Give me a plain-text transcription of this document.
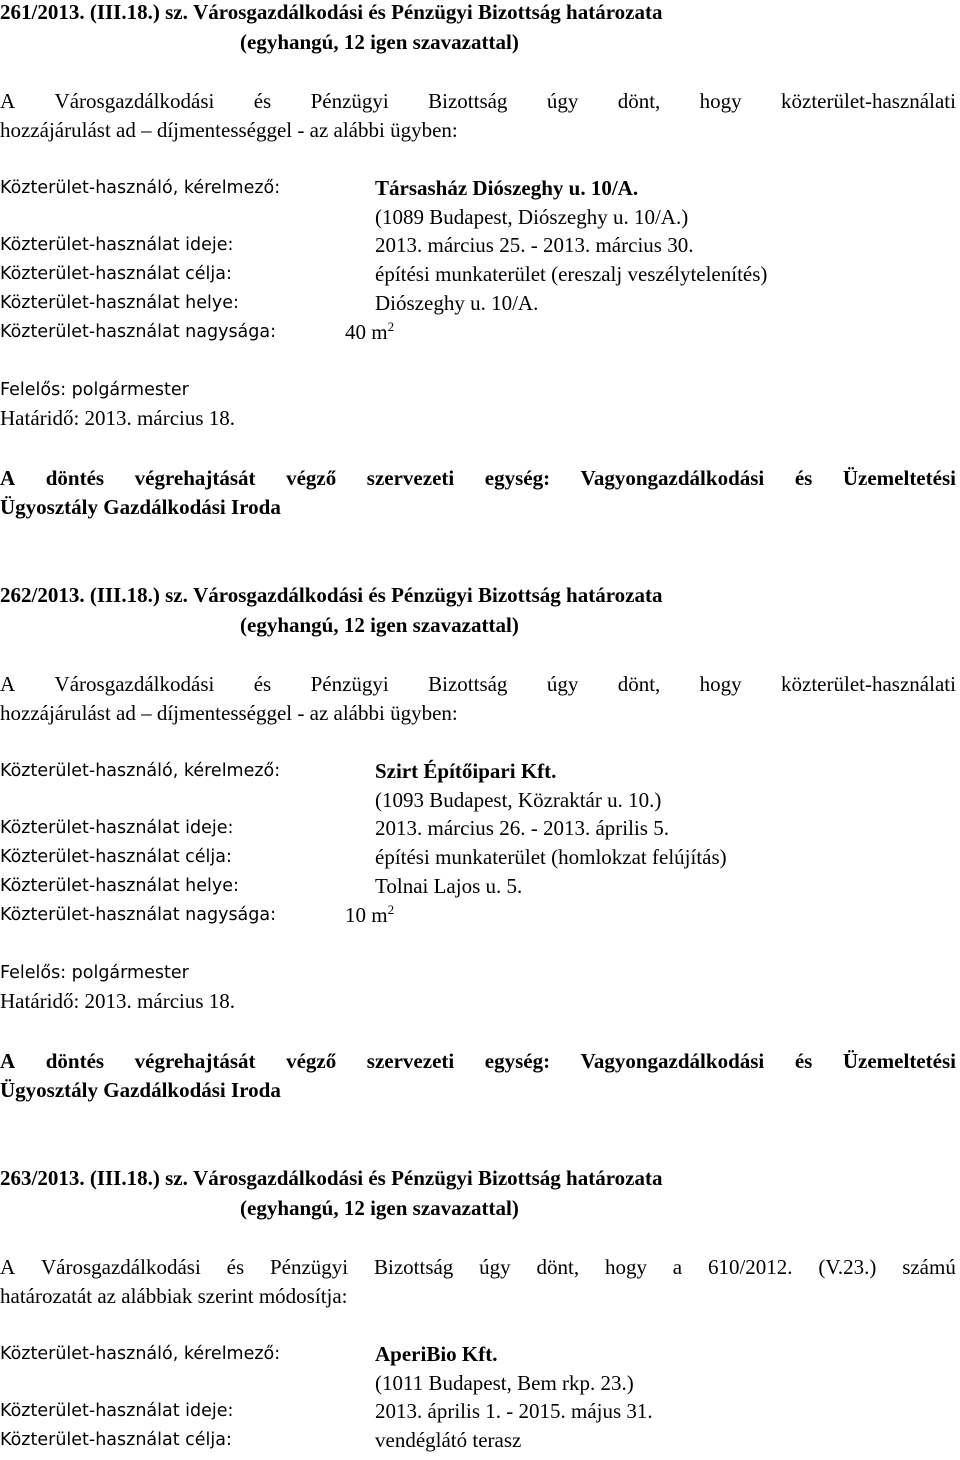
261/2013. (III.18.) sz. Városgazdálkodási és Pénzügyi Bizottság határozata
(egyhangú, 12 igen szavazattal)
A Városgazdálkodási és Pénzügyi Bizottság úgy dönt, hogy közterület-használati
hozzájárulást ad – díjmentességgel - az alábbi ügyben:
Közterület-használó, kérelmező:	Társasház Diószeghy u. 10/A.
(1089 Budapest, Diószeghy u. 10/A.)
Közterület-használat ideje:	2013. március 25. - 2013. március 30.
Közterület-használat célja:	építési munkaterület (ereszalj veszélytelenítés)
Közterület-használat helye:	Diószeghy u. 10/A.
Közterület-használat nagysága:	40 $m^2$
Felelős: polgármester
Határidő: 2013. március 18.
A döntés végrehajtását végző szervezeti egység: Vagyongazdálkodási és Üzemeltetési
Ügyosztály Gazdálkodási Iroda
262/2013. (III.18.) sz. Városgazdálkodási és Pénzügyi Bizottság határozata
(egyhangú, 12 igen szavazattal)
A Városgazdálkodási és Pénzügyi Bizottság úgy dönt, hogy közterület-használati
hozzájárulást ad – díjmentességgel - az alábbi ügyben:
Közterület-használó, kérelmező:	Szirt Építőipari Kft.
(1093 Budapest, Közraktár u. 10.)
Közterület-használat ideje:	2013. március 26. - 2013. április 5.
Közterület-használat célja:	építési munkaterület (homlokzat felújítás)
Közterület-használat helye:	Tolnai Lajos u. 5.
Közterület-használat nagysága:	10 $m^2$
Felelős: polgármester
Határidő: 2013. március 18.
A döntés végrehajtását végző szervezeti egység: Vagyongazdálkodási és Üzemeltetési
Ügyosztály Gazdálkodási Iroda
263/2013. (III.18.) sz. Városgazdálkodási és Pénzügyi Bizottság határozata
(egyhangú, 12 igen szavazattal)
A Városgazdálkodási és Pénzügyi Bizottság úgy dönt, hogy a 610/2012. (V.23.) számú
határozatát az alábbiak szerint módosítja:
Közterület-használó, kérelmező:	AperiBio Kft.
(1011 Budapest, Bem rkp. 23.)
Közterület-használat ideje:	2013. április 1. - 2015. május 31.
Közterület-használat célja:	vendéglátó terasz
